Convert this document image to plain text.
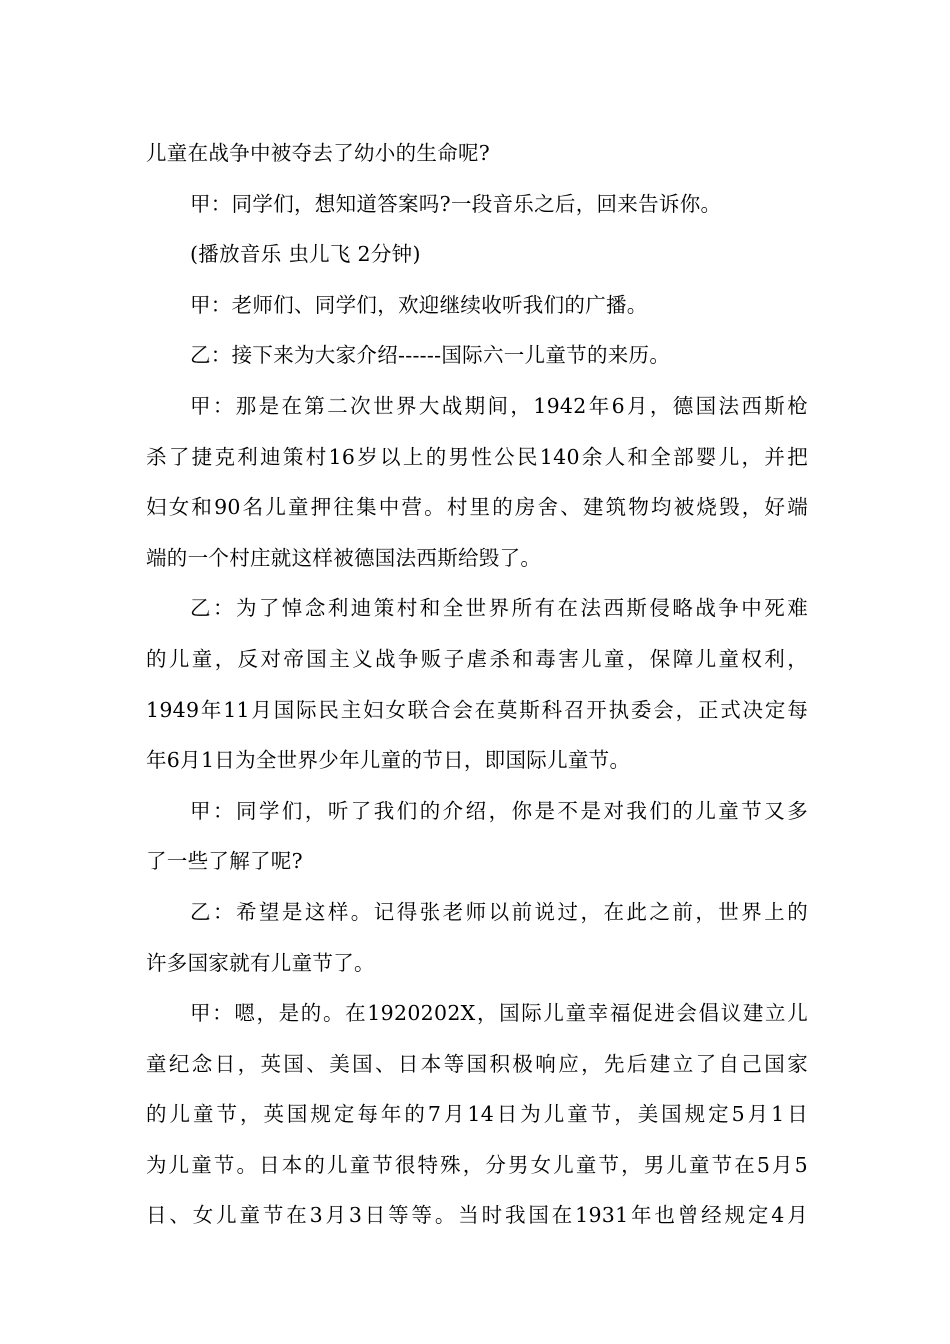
儿童在战争中被夺去了幼小的生命呢?
甲：同学们，想知道答案吗?一段音乐之后，回来告诉你。
(播放音乐 虫儿飞 2分钟)
甲：老师们、同学们，欢迎继续收听我们的广播。
乙：接下来为大家介绍------国际六一儿童节的来历。
甲：那是在第二次世界大战期间，1942年6月，德国法西斯枪
杀了捷克利迪策村16岁以上的男性公民140余人和全部婴儿，并把
妇女和90名儿童押往集中营。村里的房舍、建筑物均被烧毁，好端
端的一个村庄就这样被德国法西斯给毁了。
乙：为了悼念利迪策村和全世界所有在法西斯侵略战争中死难
的儿童，反对帝国主义战争贩子虐杀和毒害儿童，保障儿童权利，
1949年11月国际民主妇女联合会在莫斯科召开执委会，正式决定每
年6月1日为全世界少年儿童的节日，即国际儿童节。
甲：同学们，听了我们的介绍，你是不是对我们的儿童节又多
了一些了解了呢?
乙：希望是这样。记得张老师以前说过，在此之前，世界上的
许多国家就有儿童节了。
甲：嗯，是的。在1920202X，国际儿童幸福促进会倡议建立儿
童纪念日，英国、美国、日本等国积极响应，先后建立了自己国家
的儿童节，英国规定每年的7月14日为儿童节，美国规定5月1日
为儿童节。日本的儿童节很特殊，分男女儿童节，男儿童节在5月5
日、女儿童节在3月3日等等。当时我国在1931年也曾经规定4月
